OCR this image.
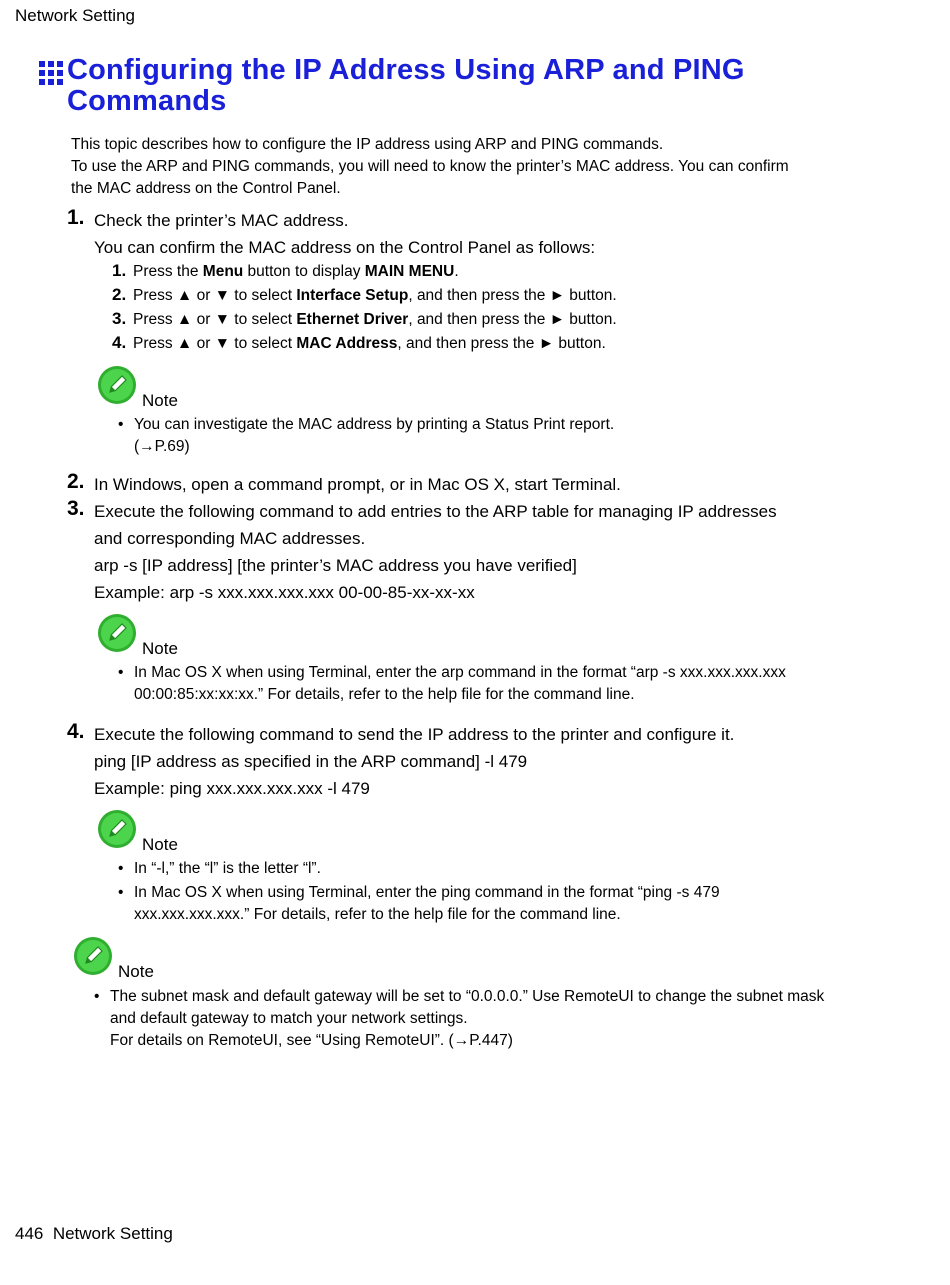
Network Setting
Configuring the IP Address Using ARP and PING
Commands
This topic describes how to configure the IP address using ARP and PING commands.
To use the ARP and PING commands, you will need to know the printer’s MAC address. You can confirm
the MAC address on the Control Panel.
1. Check the printer’s MAC address.
You can confirm the MAC address on the Control Panel as follows:
1. Press the Menu button to display MAIN MENU.
2. Press ▲ or ▼ to select Interface Setup, and then press the ► button.
3. Press ▲ or ▼ to select Ethernet Driver, and then press the ► button.
4. Press ▲ or ▼ to select MAC Address, and then press the ► button.
Note
• You can investigate the MAC address by printing a Status Print report.
(→P.69)
2. In Windows, open a command prompt, or in Mac OS X, start Terminal.
3. Execute the following command to add entries to the ARP table for managing IP addresses
and corresponding MAC addresses.
arp -s [IP address] [the printer’s MAC address you have verified]
Example: arp -s xxx.xxx.xxx.xxx 00-00-85-xx-xx-xx
Note
• In Mac OS X when using Terminal, enter the arp command in the format “arp -s xxx.xxx.xxx.xxx
00:00:85:xx:xx:xx.” For details, refer to the help file for the command line.
4. Execute the following command to send the IP address to the printer and configure it.
ping [IP address as specified in the ARP command] -l 479
Example: ping xxx.xxx.xxx.xxx -l 479
Note
• In “-l,” the “l” is the letter “l”.
• In Mac OS X when using Terminal, enter the ping command in the format “ping -s 479
xxx.xxx.xxx.xxx.” For details, refer to the help file for the command line.
Note
• The subnet mask and default gateway will be set to “0.0.0.0.” Use RemoteUI to change the subnet mask
and default gateway to match your network settings.
For details on RemoteUI, see “Using RemoteUI”. (→P.447)
446 Network Setting
